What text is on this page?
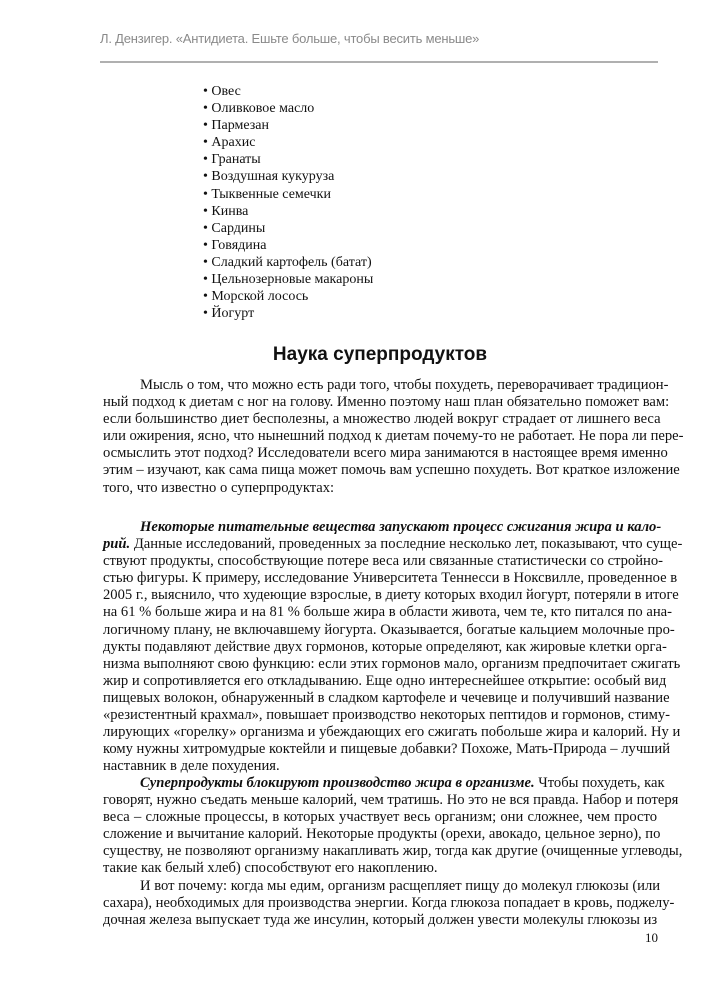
Л. Дензигер. «Антидиета. Ешьте больше, чтобы весить меньше»
• Овес
• Оливковое масло
• Пармезан
• Арахис
• Гранаты
• Воздушная кукуруза
• Тыквенные семечки
• Кинва
• Сардины
• Говядина
• Сладкий картофель (батат)
• Цельнозерновые макароны
• Морской лосось
• Йогурт
Наука суперпродуктов
Мысль о том, что можно есть ради того, чтобы похудеть, переворачивает традицион-
ный подход к диетам с ног на голову. Именно поэтому наш план обязательно поможет вам:
если большинство диет бесполезны, а множество людей вокруг страдает от лишнего веса
или ожирения, ясно, что нынешний подход к диетам почему-то не работает. Не пора ли пере-
осмыслить этот подход? Исследователи всего мира занимаются в настоящее время именно
этим – изучают, как сама пища может помочь вам успешно похудеть. Вот краткое изложение
того, что известно о суперпродуктах:
Некоторые питательные вещества запускают процесс сжигания жира и кало-
рий. Данные исследований, проведенных за последние несколько лет, показывают, что суще-
ствуют продукты, способствующие потере веса или связанные статистически со стройно-
стью фигуры. К примеру, исследование Университета Теннесси в Ноксвилле, проведенное в
2005 г., выяснило, что худеющие взрослые, в диету которых входил йогурт, потеряли в итоге
на 61 % больше жира и на 81 % больше жира в области живота, чем те, кто питался по ана-
логичному плану, не включавшему йогурта. Оказывается, богатые кальцием молочные про-
дукты подавляют действие двух гормонов, которые определяют, как жировые клетки орга-
низма выполняют свою функцию: если этих гормонов мало, организм предпочитает сжигать
жир и сопротивляется его откладыванию. Еще одно интереснейшее открытие: особый вид
пищевых волокон, обнаруженный в сладком картофеле и чечевице и получивший название
«резистентный крахмал», повышает производство некоторых пептидов и гормонов, стиму-
лирующих «горелку» организма и убеждающих его сжигать побольше жира и калорий. Ну и
кому нужны хитромудрые коктейли и пищевые добавки? Похоже, Мать-Природа – лучший
наставник в деле похудения.
Суперпродукты блокируют производство жира в организме. Чтобы похудеть, как
говорят, нужно съедать меньше калорий, чем тратишь. Но это не вся правда. Набор и потеря
веса – сложные процессы, в которых участвует весь организм; они сложнее, чем просто
сложение и вычитание калорий. Некоторые продукты (орехи, авокадо, цельное зерно), по
существу, не позволяют организму накапливать жир, тогда как другие (очищенные углеводы,
такие как белый хлеб) способствуют его накоплению.
И вот почему: когда мы едим, организм расщепляет пищу до молекул глюкозы (или
сахара), необходимых для производства энергии. Когда глюкоза попадает в кровь, поджелу-
дочная железа выпускает туда же инсулин, который должен увести молекулы глюкозы из
10
